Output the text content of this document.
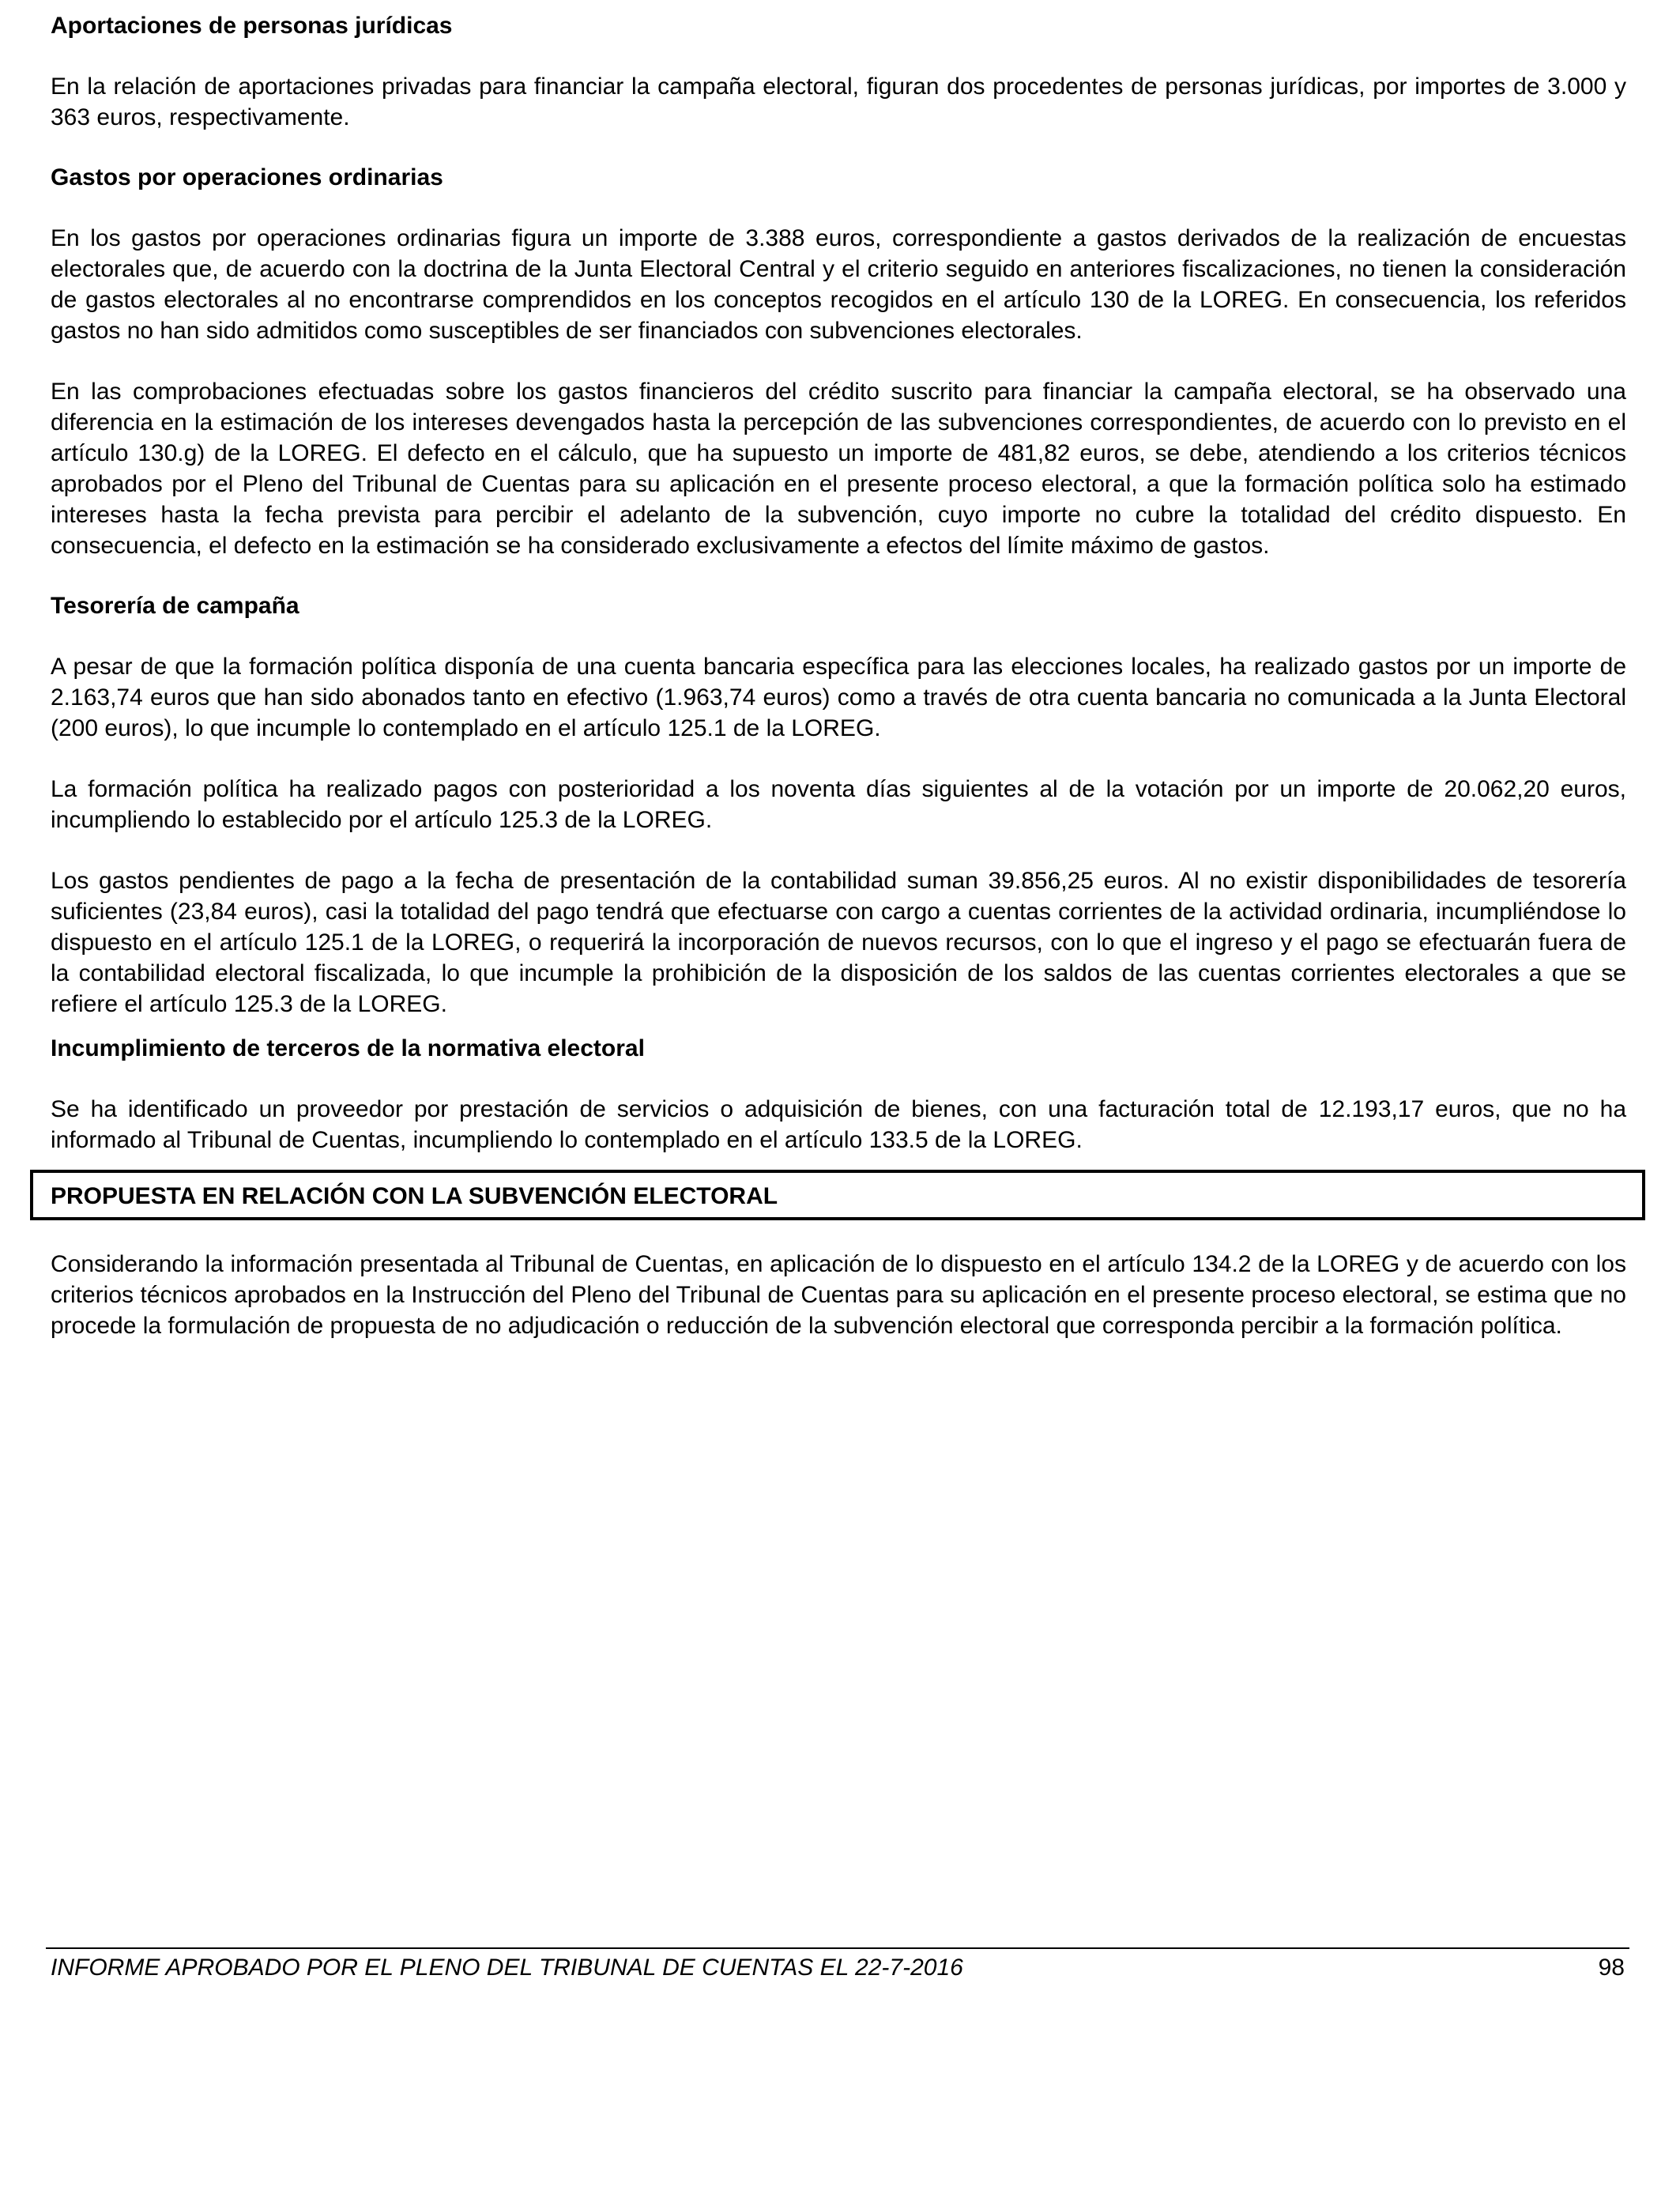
Aportaciones de personas jurídicas
En la relación de aportaciones privadas para financiar la campaña electoral, figuran dos procedentes de personas jurídicas, por importes de 3.000 y 363 euros, respectivamente.
Gastos por operaciones ordinarias
En los gastos por operaciones ordinarias figura un importe de 3.388 euros, correspondiente a gastos derivados de la realización de encuestas electorales que, de acuerdo con la doctrina de la Junta Electoral Central y el criterio seguido en anteriores fiscalizaciones, no tienen la consideración de gastos electorales al no encontrarse comprendidos en los conceptos recogidos en el artículo 130 de la LOREG. En consecuencia, los referidos gastos no han sido admitidos como susceptibles de ser financiados con subvenciones electorales.
En las comprobaciones efectuadas sobre los gastos financieros del crédito suscrito para financiar la campaña electoral, se ha observado una diferencia en la estimación de los intereses devengados hasta la percepción de las subvenciones correspondientes, de acuerdo con lo previsto en el artículo 130.g) de la LOREG. El defecto en el cálculo, que ha supuesto un importe de 481,82 euros, se debe, atendiendo a los criterios técnicos aprobados por el Pleno del Tribunal de Cuentas para su aplicación en el presente proceso electoral, a que la formación política solo ha estimado intereses hasta la fecha prevista para percibir el adelanto de la subvención, cuyo importe no cubre la totalidad del crédito dispuesto. En consecuencia, el defecto en la estimación se ha considerado exclusivamente a efectos del límite máximo de gastos.
Tesorería de campaña
A pesar de que la formación política disponía de una cuenta bancaria específica para las elecciones locales, ha realizado gastos por un importe de 2.163,74 euros que han sido abonados tanto en efectivo (1.963,74 euros) como a través de otra cuenta bancaria no comunicada a la Junta Electoral (200 euros), lo que incumple lo contemplado en el artículo 125.1 de la LOREG.
La formación política ha realizado pagos con posterioridad a los noventa días siguientes al de la votación por un importe de 20.062,20 euros, incumpliendo lo establecido por el artículo 125.3 de la LOREG.
Los gastos pendientes de pago a la fecha de presentación de la contabilidad suman 39.856,25 euros. Al no existir disponibilidades de tesorería suficientes (23,84 euros), casi la totalidad del pago tendrá que efectuarse con cargo a cuentas corrientes de la actividad ordinaria, incumpliéndose lo dispuesto en el artículo 125.1 de la LOREG, o requerirá la incorporación de nuevos recursos, con lo que el ingreso y el pago se efectuarán fuera de la contabilidad electoral fiscalizada, lo que incumple la prohibición de la disposición de los saldos de las cuentas corrientes electorales a que se refiere el artículo 125.3 de la LOREG.
Incumplimiento de terceros de la normativa electoral
Se ha identificado un proveedor por prestación de servicios o adquisición de bienes, con una facturación total de 12.193,17 euros, que no ha informado al Tribunal de Cuentas, incumpliendo lo contemplado en el artículo 133.5 de la LOREG.
PROPUESTA EN RELACIÓN CON LA SUBVENCIÓN ELECTORAL
Considerando la información presentada al Tribunal de Cuentas, en aplicación de lo dispuesto en el artículo 134.2 de la LOREG y de acuerdo con los criterios técnicos aprobados en la Instrucción del Pleno del Tribunal de Cuentas para su aplicación en el presente proceso electoral, se estima que no procede la formulación de propuesta de no adjudicación o reducción de la subvención electoral que corresponda percibir a la formación política.
INFORME APROBADO POR EL PLENO DEL TRIBUNAL DE CUENTAS EL 22-7-2016	98
